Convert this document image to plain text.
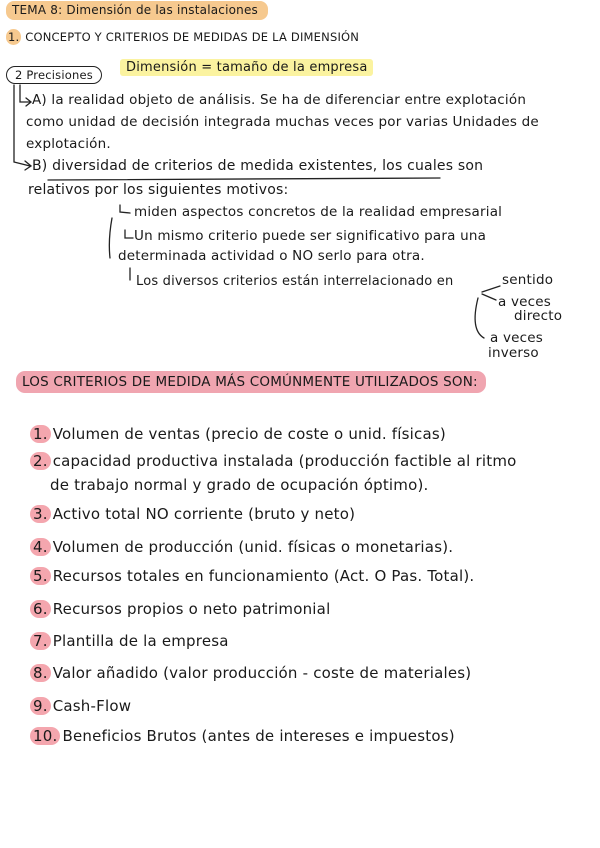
TEMA 8: Dimensión de las instalaciones
1. CONCEPTO Y CRITERIOS DE MEDIDAS DE LA DIMENSIÓN
2 Precisiones	Dimensión = tamaño de la empresa
A) la realidad objeto de análisis. Se ha de diferenciar entre explotación
como unidad de decisión integrada muchas veces por varias Unidades de
explotación.
B) diversidad de criterios de medida existentes, los cuales son
relativos por los siguientes motivos:
miden aspectos concretos de la realidad empresarial
Un mismo criterio puede ser significativo para una
determinada actividad o NO serlo para otra.
Los diversos criterios están interrelacionado en	sentido
a veces
directo
a veces
inverso
LOS CRITERIOS DE MEDIDA MÁS COMÚNMENTE UTILIZADOS SON:
1. Volumen de ventas (precio de coste o unid. físicas)
2. capacidad productiva instalada (producción factible al ritmo
de trabajo normal y grado de ocupación óptimo).
3. Activo total NO corriente (bruto y neto)
4. Volumen de producción (unid. físicas o monetarias).
5. Recursos totales en funcionamiento (Act. O Pas. Total).
6. Recursos propios o neto patrimonial
7. Plantilla de la empresa
8. Valor añadido (valor producción - coste de materiales)
9. Cash-Flow
10. Beneficios Brutos (antes de intereses e impuestos)
